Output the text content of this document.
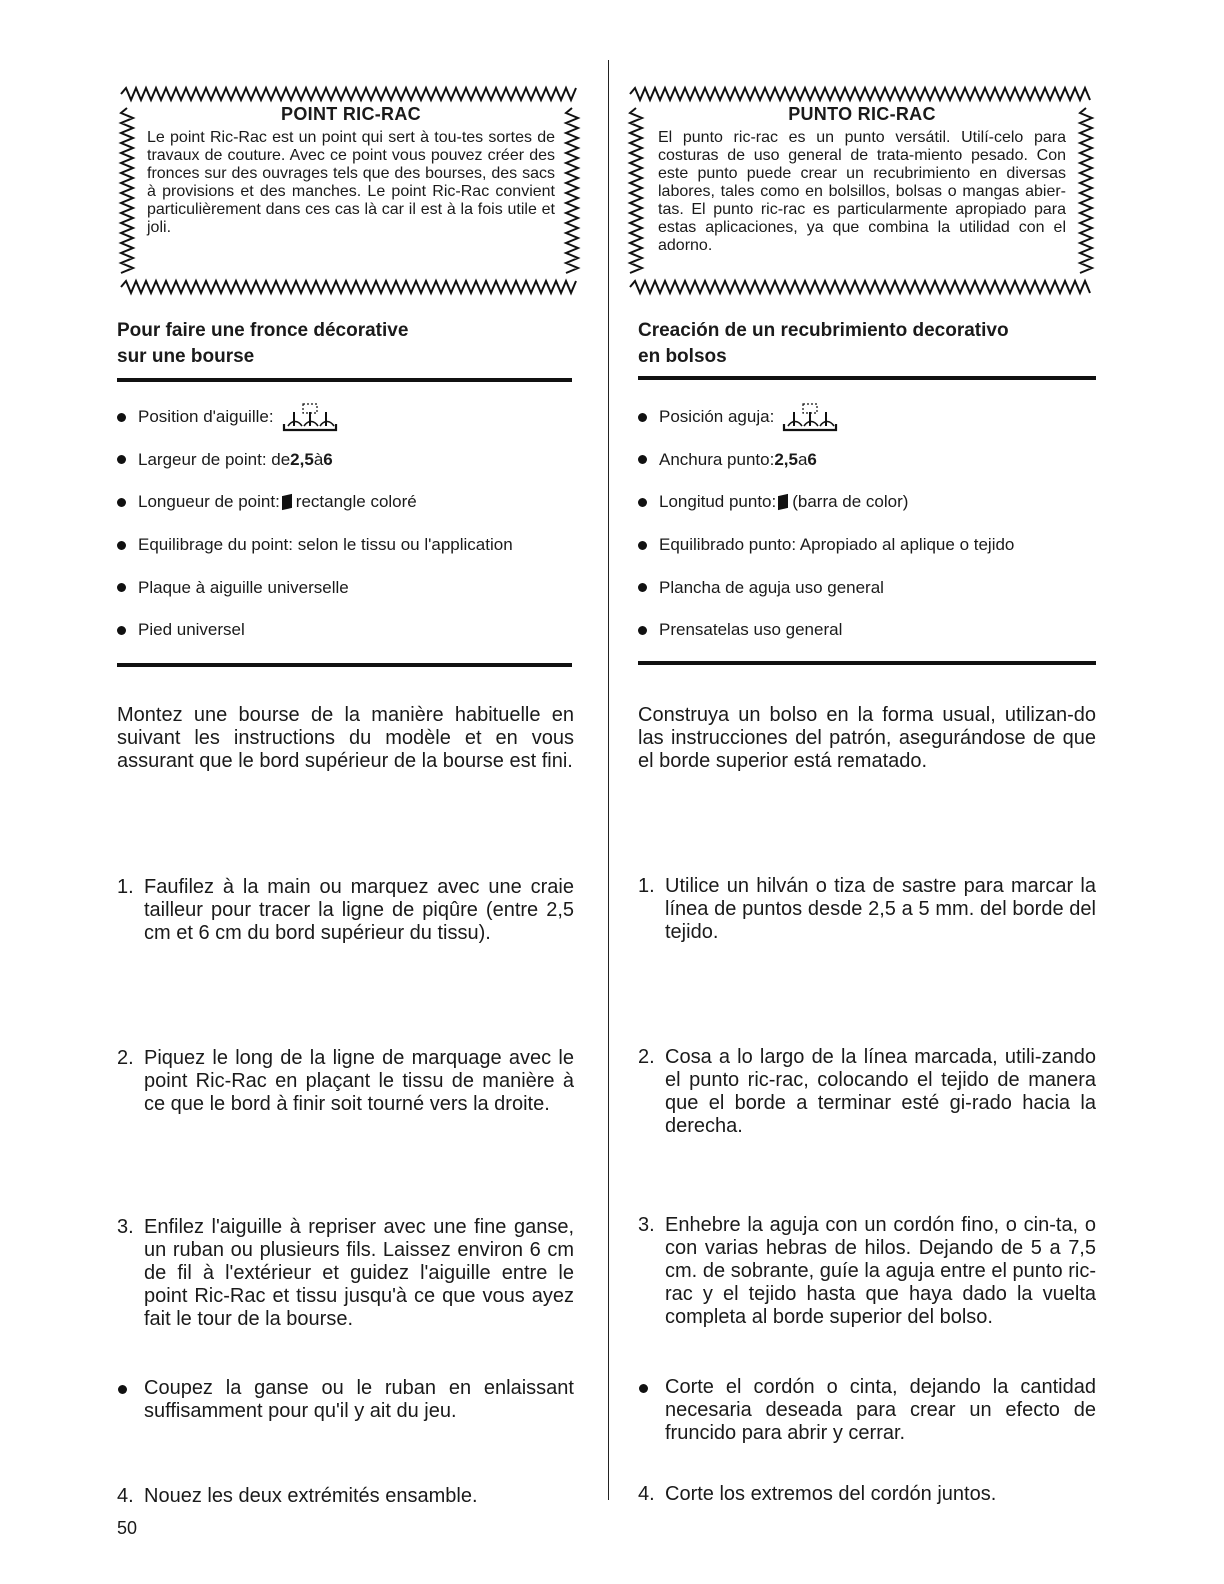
POINT RIC-RAC

Le point Ric-Rac est un point qui sert à tou-tes sortes de travaux de couture. Avec ce point vous pouvez créer des fronces sur des ouvrages tels que des bourses, des sacs à provisions et des manches. Le point Ric-Rac convient particulièrement dans ces cas là car il est à la fois utile et joli.

Pour faire une fronce décorative
sur une bourse

Position d'aiguille:
Largeur de point: de 2,5 à 6
Longueur de point: rectangle coloré
Equilibrage du point: selon le tissu ou l'application
Plaque à aiguille universelle
Pied universel

Montez une bourse de la manière habituelle en suivant les instructions du modèle et en vous assurant que le bord supérieur de la bourse est fini.

1. Faufilez à la main ou marquez avec une craie tailleur pour tracer la ligne de piqûre (entre 2,5 cm et 6 cm du bord supérieur du tissu).
2. Piquez le long de la ligne de marquage avec le point Ric-Rac en plaçant le tissu de manière à ce que le bord à finir soit tourné vers la droite.
3. Enfilez l'aiguille à repriser avec une fine ganse, un ruban ou plusieurs fils. Laissez environ 6 cm de fil à l'extérieur et guidez l'aiguille entre le point Ric-Rac et tissu jusqu'à ce que vous ayez fait le tour de la bourse.
Coupez la ganse ou le ruban en enlaissant suffisamment pour qu'il y ait du jeu.
4. Nouez les deux extrémités ensamble.

PUNTO RIC-RAC

El punto ric-rac es un punto versátil. Utilí-celo para costuras de uso general de trata-miento pesado. Con este punto puede crear un recubrimiento en diversas labores, tales como en bolsillos, bolsas o mangas abier-tas. El punto ric-rac es particularmente apropiado para estas aplicaciones, ya que combina la utilidad con el adorno.

Creación de un recubrimiento decorativo
en bolsos

Posición aguja:
Anchura punto: 2,5 a 6
Longitud punto: (barra de color)
Equilibrado punto: Apropiado al aplique o tejido
Plancha de aguja uso general
Prensatelas uso general

Construya un bolso en la forma usual, utilizan-do las instrucciones del patrón, asegurándose de que el borde superior está rematado.

1. Utilice un hilván o tiza de sastre para marcar la línea de puntos desde 2,5 a 5 mm. del borde del tejido.
2. Cosa a lo largo de la línea marcada, utili-zando el punto ric-rac, colocando el tejido de manera que el borde a terminar esté gi-rado hacia la derecha.
3. Enhebre la aguja con un cordón fino, o cin-ta, o con varias hebras de hilos. Dejando de 5 a 7,5 cm. de sobrante, guíe la aguja entre el punto ric-rac y el tejido hasta que haya dado la vuelta completa al borde superior del bolso.
Corte el cordón o cinta, dejando la cantidad necesaria deseada para crear un efecto de fruncido para abrir y cerrar.
4. Corte los extremos del cordón juntos.

50
